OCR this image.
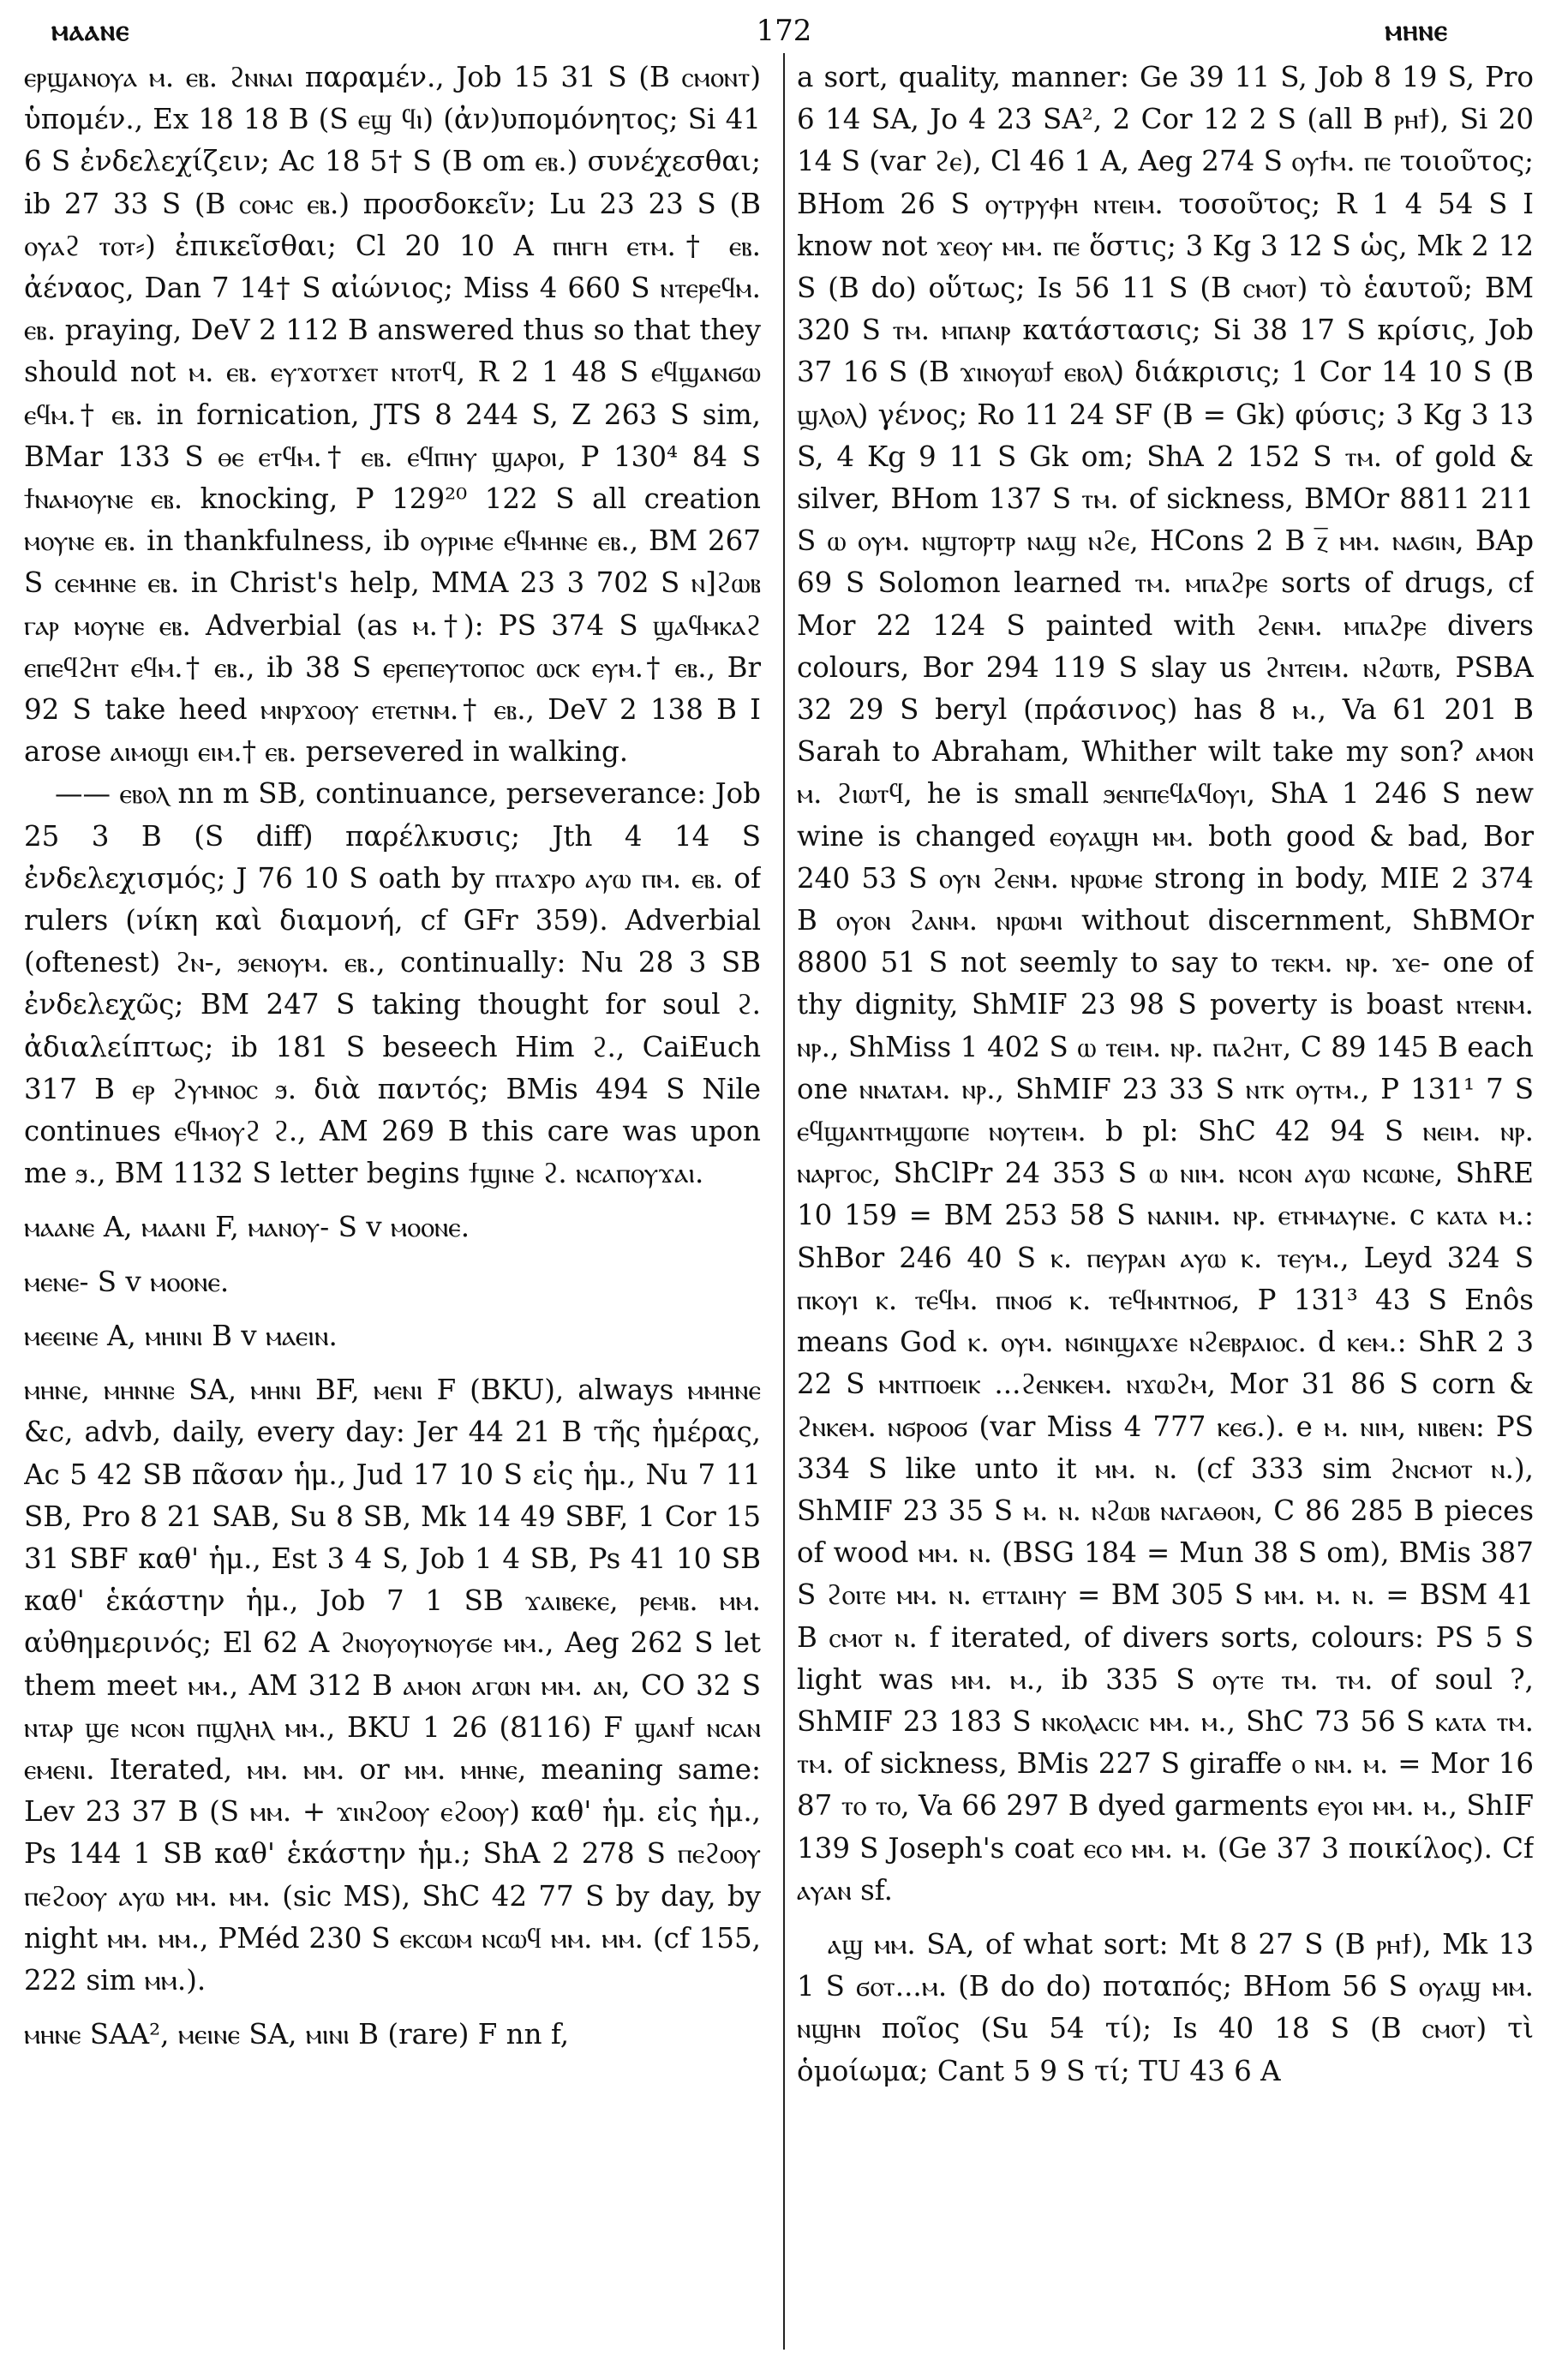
ⲙⲁⲁⲛⲉ	172	ⲙⲏⲛⲉ

ⲉⲣϣⲁⲛⲟⲩⲁ ⲙ. ⲉⲃ. ϩⲛⲛⲁⲓ παραμέν., Job 15 31 S (B ⲥⲙⲟⲛⲧ) ὑπομέν., Ex 18 18 B (S ⲉϣ ϥⲓ) (ἀν)υπομόνητος; Si 41 6 S ἐνδελεχίζειν; Ac 18 5† S (B om ⲉⲃ.) συνέχεσθαι; ib 27 33 S (B ⲥⲟⲙⲥ ⲉⲃ.) προσδοκεῖν; Lu 23 23 S (B ⲟⲩⲁϩ ⲧⲟⲧ⸗) ἐπικεῖσθαι; Cl 20 10 A ⲡⲏⲅⲏ ⲉⲧⲙ.† ⲉⲃ. ἀέναος, Dan 7 14† S αἰώνιος; Miss 4 660 S ⲛⲧⲉⲣⲉϥⲙ. ⲉⲃ. praying, DeV 2 112 B answered thus so that they should not ⲙ. ⲉⲃ. ⲉⲩϫⲟⲧϫⲉⲧ ⲛⲧⲟⲧϥ, R 2 1 48 S ⲉϥϣⲁⲛϭⲱ ⲉϥⲙ.† ⲉⲃ. in fornication, JTS 8 244 S, Z 263 S sim, BMar 133 S ⲑⲉ ⲉⲧϥⲙ.† ⲉⲃ. ⲉϥⲡⲏⲩ ϣⲁⲣⲟⲓ, P 130⁴ 84 S ϯⲛⲁⲙⲟⲩⲛⲉ ⲉⲃ. knocking, P 129²⁰ 122 S all creation ⲙⲟⲩⲛⲉ ⲉⲃ. in thankfulness, ib ⲟⲩⲣⲓⲙⲉ ⲉϥⲙⲏⲛⲉ ⲉⲃ., BM 267 S ⲥⲉⲙⲏⲛⲉ ⲉⲃ. in Christ's help, MMA 23 3 702 S ⲛ]ϩⲱⲃ ⲅⲁⲣ ⲙⲟⲩⲛⲉ ⲉⲃ. Adverbial (as ⲙ.†): PS 374 S ϣⲁϥⲙⲕⲁϩ ⲉⲡⲉϥϩⲏⲧ ⲉϥⲙ.† ⲉⲃ., ib 38 S ⲉⲣⲉⲡⲉⲩⲧⲟⲡⲟⲥ ⲱⲥⲕ ⲉⲩⲙ.† ⲉⲃ., Br 92 S take heed ⲙⲛⲣϫⲟⲟⲩ ⲉⲧⲉⲧⲛⲙ.† ⲉⲃ., DeV 2 138 B I arose ⲁⲓⲙⲟϣⲓ ⲉⲓⲙ.† ⲉⲃ. persevered in walking.

—— ⲉⲃⲟⲗ nn m SB, continuance, perseverance: Job 25 3 B (S diff) παρέλκυσις; Jth 4 14 S ἐνδελεχισμός; J 76 10 S oath by ⲡⲧⲁϫⲣⲟ ⲁⲩⲱ ⲡⲙ. ⲉⲃ. of rulers (νίκη καὶ διαμονή, cf GFr 359). Adverbial (oftenest) ϩⲛ-, ϧⲉⲛⲟⲩⲙ. ⲉⲃ., continually: Nu 28 3 SB ἐνδελεχῶς; BM 247 S taking thought for soul ϩ. ἀδιαλείπτως; ib 181 S beseech Him ϩ., CaiEuch 317 B ⲉⲣ ϩⲩⲙⲛⲟⲥ ϧ. διὰ παντός; BMis 494 S Nile continues ⲉϥⲙⲟⲩϩ ϩ., AM 269 B this care was upon me ϧ., BM 1132 S letter begins ϯϣⲓⲛⲉ ϩ. ⲛⲥⲁⲡⲟⲩϫⲁⲓ.

ⲙⲁⲁⲛⲉ A, ⲙⲁⲁⲛⲓ F, ⲙⲁⲛⲟⲩ- S v ⲙⲟⲟⲛⲉ.

ⲙⲉⲛⲉ- S v ⲙⲟⲟⲛⲉ.

ⲙⲉⲉⲓⲛⲉ A, ⲙⲏⲓⲛⲓ B v ⲙⲁⲉⲓⲛ.

ⲙⲏⲛⲉ, ⲙⲏⲛⲛⲉ SA, ⲙⲏⲛⲓ BF, ⲙⲉⲛⲓ F (BKU), always ⲙⲙⲏⲛⲉ &c, advb, daily, every day: Jer 44 21 B τῆς ἡμέρας, Ac 5 42 SB πᾶσαν ἡμ., Jud 17 10 S εἰς ἡμ., Nu 7 11 SB, Pro 8 21 SAB, Su 8 SB, Mk 14 49 SBF, 1 Cor 15 31 SBF καθ' ἡμ., Est 3 4 S, Job 1 4 SB, Ps 41 10 SB καθ' ἑκάστην ἡμ., Job 7 1 SB ϫⲁⲓⲃⲉⲕⲉ, ⲣⲉⲙⲃ. ⲙⲙ. αὐθημερινός; El 62 A ϩⲛⲟⲩⲟⲩⲛⲟⲩϭⲉ ⲙⲙ., Aeg 262 S let them meet ⲙⲙ., AM 312 B ⲁⲙⲟⲛ ⲁⲅⲱⲛ ⲙⲙ. ⲁⲛ, CO 32 S ⲛⲧⲁⲣ ϣⲉ ⲛⲥⲟⲛ ⲡϣⲗⲏⲗ ⲙⲙ., BKU 1 26 (8116) F ϣⲁⲛϯ ⲛⲥⲁⲛ ⲉⲙⲉⲛⲓ. Iterated, ⲙⲙ. ⲙⲙ. or ⲙⲙ. ⲙⲏⲛⲉ, meaning same: Lev 23 37 B (S ⲙⲙ. + ϫⲓⲛϩⲟⲟⲩ ⲉϩⲟⲟⲩ) καθ' ἡμ. εἰς ἡμ., Ps 144 1 SB καθ' ἑκάστην ἡμ.; ShA 2 278 S ⲡⲉϩⲟⲟⲩ ⲡⲉϩⲟⲟⲩ ⲁⲩⲱ ⲙⲙ. ⲙⲙ. (sic MS), ShC 42 77 S by day, by night ⲙⲙ. ⲙⲙ., PMéd 230 S ⲉⲕⲥⲱⲙ ⲛⲥⲱϥ ⲙⲙ. ⲙⲙ. (cf 155, 222 sim ⲙⲙ.).

ⲙⲏⲛⲉ SAA², ⲙⲉⲓⲛⲉ SA, ⲙⲓⲛⲓ B (rare) F nn f,

a sort, quality, manner: Ge 39 11 S, Job 8 19 S, Pro 6 14 SA, Jo 4 23 SA², 2 Cor 12 2 S (all B ⲣⲏϯ), Si 20 14 S (var ϩⲉ), Cl 46 1 A, Aeg 274 S ⲟⲩϯⲙ. ⲡⲉ τοιοῦτος; BHom 26 S ⲟⲩⲧⲣⲩⲫⲏ ⲛⲧⲉⲓⲙ. τοσοῦτος; R 1 4 54 S I know not ϫⲉⲟⲩ ⲙⲙ. ⲡⲉ ὅστις; 3 Kg 3 12 S ὡς, Mk 2 12 S (B do) οὕτως; Is 56 11 S (B ⲥⲙⲟⲧ) τὸ ἑαυτοῦ; BM 320 S ⲧⲙ. ⲙⲡⲁⲛⲣ κατάστασις; Si 38 17 S κρίσις, Job 37 16 S (B ϫⲓⲛⲟⲩⲱϯ ⲉⲃⲟⲗ) διάκρισις; 1 Cor 14 10 S (B ϣⲗⲟⲗ) γένος; Ro 11 24 SF (B = Gk) φύσις; 3 Kg 3 13 S, 4 Kg 9 11 S Gk om; ShA 2 152 S ⲧⲙ. of gold & silver, BHom 137 S ⲧⲙ. of sickness, BMOr 8811 211 S ⲱ ⲟⲩⲙ. ⲛϣⲧⲟⲣⲧⲣ ⲛⲁϣ ⲛϩⲉ, HCons 2 B ⲍ̅ ⲙⲙ. ⲛⲁϭⲓⲛ, BAp 69 S Solomon learned ⲧⲙ. ⲙⲡⲁϩⲣⲉ sorts of drugs, cf Mor 22 124 S painted with ϩⲉⲛⲙ. ⲙⲡⲁϩⲣⲉ divers colours, Bor 294 119 S slay us ϩⲛⲧⲉⲓⲙ. ⲛϩⲱⲧⲃ, PSBA 32 29 S beryl (πράσινος) has 8 ⲙ., Va 61 201 B Sarah to Abraham, Whither wilt take my son? ⲁⲙⲟⲛ ⲙ. ϩⲓⲱⲧϥ, he is small ϧⲉⲛⲡⲉϥⲁϥⲟⲩⲓ, ShA 1 246 S new wine is changed ⲉⲟⲩⲁϣⲏ ⲙⲙ. both good & bad, Bor 240 53 S ⲟⲩⲛ ϩⲉⲛⲙ. ⲛⲣⲱⲙⲉ strong in body, MIE 2 374 B ⲟⲩⲟⲛ ϩⲁⲛⲙ. ⲛⲣⲱⲙⲓ without discernment, ShBMOr 8800 51 S not seemly to say to ⲧⲉⲕⲙ. ⲛⲣ. ϫⲉ- one of thy dignity, ShMIF 23 98 S poverty is boast ⲛⲧⲉⲛⲙ. ⲛⲣ., ShMiss 1 402 S ⲱ ⲧⲉⲓⲙ. ⲛⲣ. ⲡⲁϩⲏⲧ, C 89 145 B each one ⲛⲛⲁⲧⲁⲙ. ⲛⲣ., ShMIF 23 33 S ⲛⲧⲕ ⲟⲩⲧⲙ., P 131¹ 7 S ⲉϥϣⲁⲛⲧⲙϣⲱⲡⲉ ⲛⲟⲩⲧⲉⲓⲙ. b pl: ShC 42 94 S ⲛⲉⲓⲙ. ⲛⲣ. ⲛⲁⲣⲅⲟⲥ, ShClPr 24 353 S ⲱ ⲛⲓⲙ. ⲛⲥⲟⲛ ⲁⲩⲱ ⲛⲥⲱⲛⲉ, ShRE 10 159 = BM 253 58 S ⲛⲁⲛⲓⲙ. ⲛⲣ. ⲉⲧⲙⲙⲁⲩⲛⲉ. c ⲕⲁⲧⲁ ⲙ.: ShBor 246 40 S ⲕ. ⲡⲉⲩⲣⲁⲛ ⲁⲩⲱ ⲕ. ⲧⲉⲩⲙ., Leyd 324 S ⲡⲕⲟⲩⲓ ⲕ. ⲧⲉϥⲙ. ⲡⲛⲟϭ ⲕ. ⲧⲉϥⲙⲛⲧⲛⲟϭ, P 131³ 43 S Enôs means God ⲕ. ⲟⲩⲙ. ⲛϭⲓⲛϣⲁϫⲉ ⲛϩⲉⲃⲣⲁⲓⲟⲥ. d ⲕⲉⲙ.: ShR 2 3 22 S ⲙⲛⲧⲡⲟⲉⲓⲕ ...ϩⲉⲛⲕⲉⲙ. ⲛϫⲱϩⲙ, Mor 31 86 S corn & ϩⲛⲕⲉⲙ. ⲛϭⲣⲟⲟϭ (var Miss 4 777 ⲕⲉϭ.). e ⲙ. ⲛⲓⲙ, ⲛⲓⲃⲉⲛ: PS 334 S like unto it ⲙⲙ. ⲛ. (cf 333 sim ϩⲛⲥⲙⲟⲧ ⲛ.), ShMIF 23 35 S ⲙ. ⲛ. ⲛϩⲱⲃ ⲛⲁⲅⲁⲑⲟⲛ, C 86 285 B pieces of wood ⲙⲙ. ⲛ. (BSG 184 = Mun 38 S om), BMis 387 S ϩⲟⲓⲧⲉ ⲙⲙ. ⲛ. ⲉⲧⲧⲁⲓⲏⲩ = BM 305 S ⲙⲙ. ⲙ. ⲛ. = BSM 41 B ⲥⲙⲟⲧ ⲛ. f iterated, of divers sorts, colours: PS 5 S light was ⲙⲙ. ⲙ., ib 335 S ⲟⲩⲧⲉ ⲧⲙ. ⲧⲙ. of soul ?, ShMIF 23 183 S ⲛⲕⲟⲗⲁⲥⲓⲥ ⲙⲙ. ⲙ., ShC 73 56 S ⲕⲁⲧⲁ ⲧⲙ. ⲧⲙ. of sickness, BMis 227 S giraffe ⲟ ⲛⲙ. ⲙ. = Mor 16 87 ⲧⲟ ⲧⲟ, Va 66 297 B dyed garments ⲉⲩⲟⲓ ⲙⲙ. ⲙ., ShIF 139 S Joseph's coat ⲉⲥⲟ ⲙⲙ. ⲙ. (Ge 37 3 ποικίλος). Cf ⲁⲩⲁⲛ sf.

ⲁϣ ⲙⲙ. SA, of what sort: Mt 8 27 S (B ⲣⲏϯ), Mk 13 1 S ϭⲟⲧ...ⲙ. (B do do) ποταπός; BHom 56 S ⲟⲩⲁϣ ⲙⲙ. ⲛϣⲏⲛ ποῖος (Su 54 τί); Is 40 18 S (B ⲥⲙⲟⲧ) τὶ ὁμοίωμα; Cant 5 9 S τί; TU 43 6 A
